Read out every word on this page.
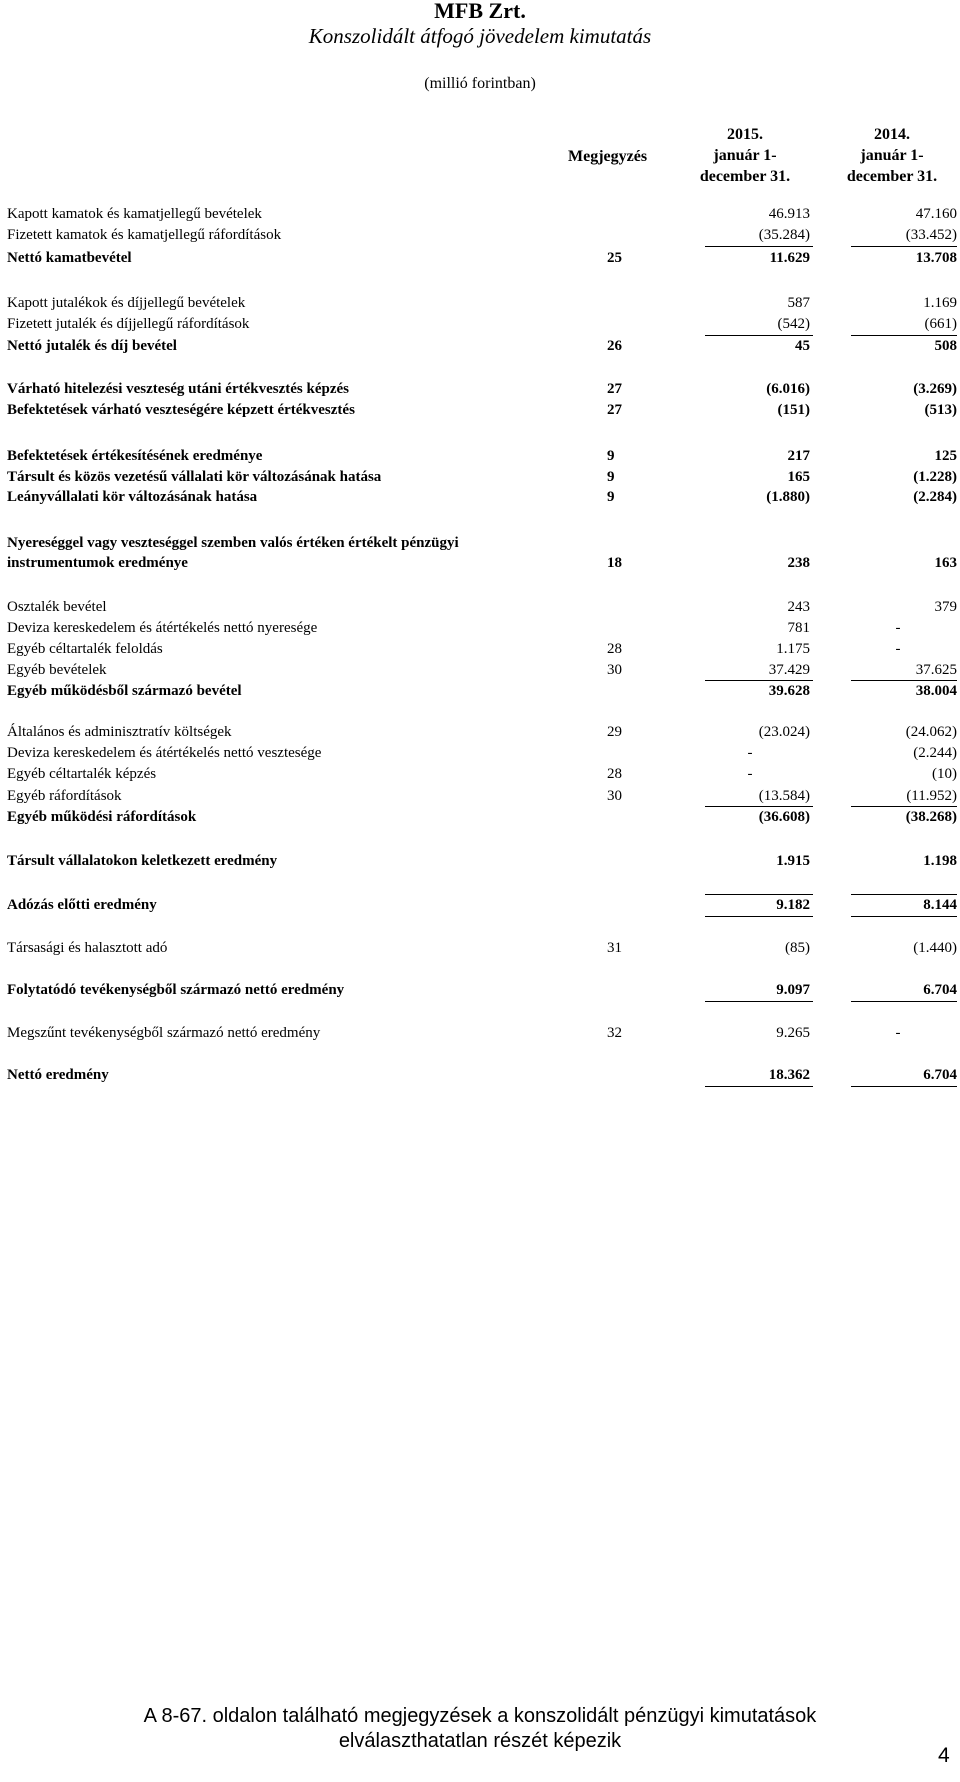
MFB Zrt.
Konszolidált átfogó jövedelem kimutatás
(millió forintban)
Megjegyzés
2015.
január 1-
december 31.
2014.
január 1-
december 31.
Kapott kamatok és kamatjellegű bevételek	46.913	47.160
Fizetett kamatok és kamatjellegű ráfordítások	(35.284)	(33.452)
Nettó kamatbevétel	25	11.629	13.708
Kapott jutalékok és díjjellegű bevételek	587	1.169
Fizetett jutalék és díjjellegű ráfordítások	(542)	(661)
Nettó jutalék és díj bevétel	26	45	508
Várható hitelezési veszteség utáni értékvesztés képzés	27	(6.016)	(3.269)
Befektetések várható veszteségére képzett értékvesztés	27	(151)	(513)
Befektetések értékesítésének eredménye	9	217	125
Társult és közös vezetésű vállalati kör változásának hatása	9	165	(1.228)
Leányvállalati kör változásának hatása	9	(1.880)	(2.284)
Nyereséggel vagy veszteséggel szemben valós értéken értékelt pénzügyi
instrumentumok eredménye	18	238	163
Osztalék bevétel	243	379
Deviza kereskedelem és átértékelés nettó nyeresége	781	-
Egyéb céltartalék feloldás	28	1.175	-
Egyéb bevételek	30	37.429	37.625
Egyéb működésből származó bevétel	39.628	38.004
Általános és adminisztratív költségek	29	(23.024)	(24.062)
Deviza kereskedelem és átértékelés nettó vesztesége	-	(2.244)
Egyéb céltartalék képzés	28	-	(10)
Egyéb ráfordítások	30	(13.584)	(11.952)
Egyéb működési ráfordítások	(36.608)	(38.268)
Társult vállalatokon keletkezett eredmény	1.915	1.198
Adózás előtti eredmény	9.182	8.144
Társasági és halasztott adó	31	(85)	(1.440)
Folytatódó tevékenységből származó nettó eredmény	9.097	6.704
Megszűnt tevékenységből származó nettó eredmény	32	9.265	-
Nettó eredmény	18.362	6.704
A 8-67. oldalon található megjegyzések a konszolidált pénzügyi kimutatások
elválaszthatatlan részét képezik
4
